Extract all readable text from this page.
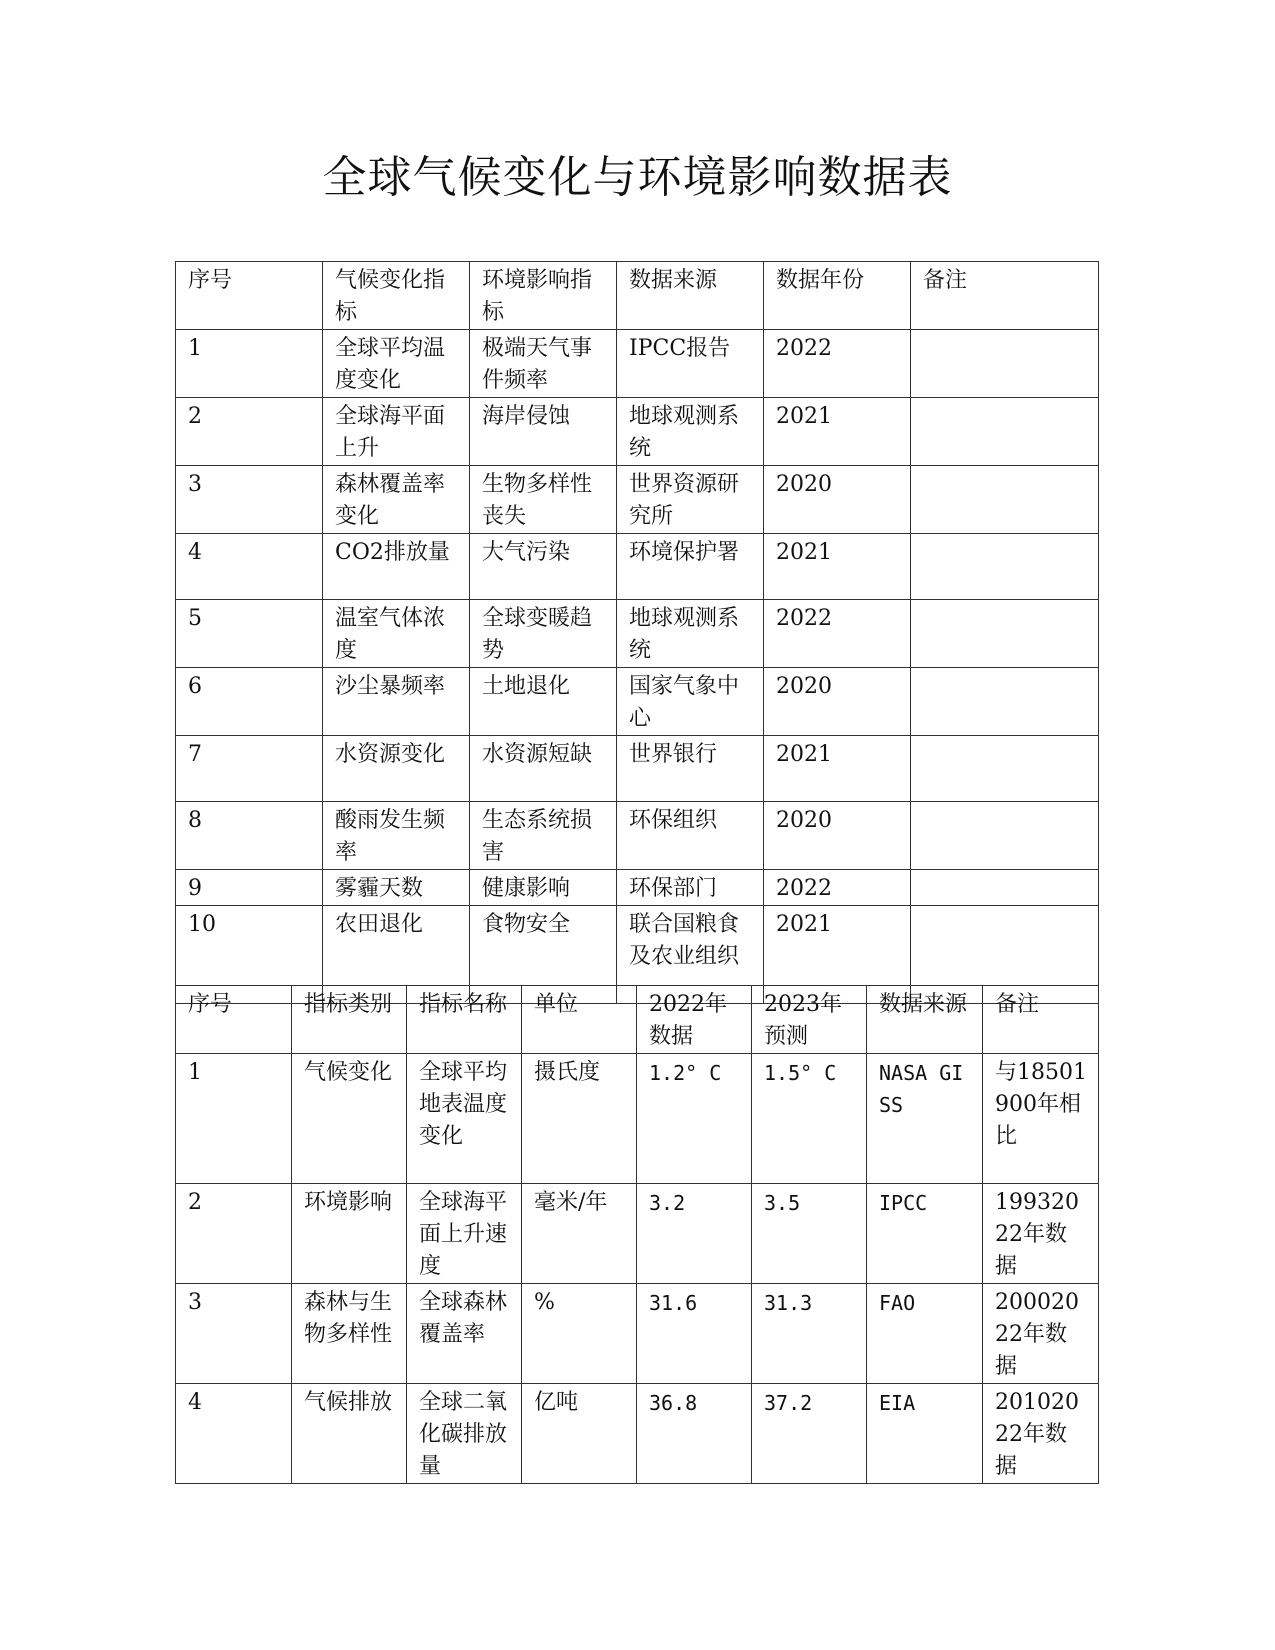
全球气候变化与环境影响数据表
序号	气候变化指标	环境影响指标	数据来源	数据年份	备注
1	全球平均温度变化	极端天气事件频率	IPCC报告	2022	
2	全球海平面上升	海岸侵蚀	地球观测系统	2021	
3	森林覆盖率变化	生物多样性丧失	世界资源研究所	2020	
4	CO2排放量	大气污染	环境保护署	2021	
5	温室气体浓度	全球变暖趋势	地球观测系统	2022	
6	沙尘暴频率	土地退化	国家气象中心	2020	
7	水资源变化	水资源短缺	世界银行	2021	
8	酸雨发生频率	生态系统损害	环保组织	2020	
9	雾霾天数	健康影响	环保部门	2022	
10	农田退化	食物安全	联合国粮食及农业组织	2021	
序号	指标类别	指标名称	单位	2022年数据	2023年预测	数据来源	备注
1	气候变化	全球平均地表温度变化	摄氏度	1.2° C	1.5° C	NASA GISS	与18501900年相比
2	环境影响	全球海平面上升速度	毫米/年	3.2	3.5	IPCC	19932022年数据
3	森林与生物多样性	全球森林覆盖率	%	31.6	31.3	FAO	20002022年数据
4	气候排放	全球二氧化碳排放量	亿吨	36.8	37.2	EIA	20102022年数据
